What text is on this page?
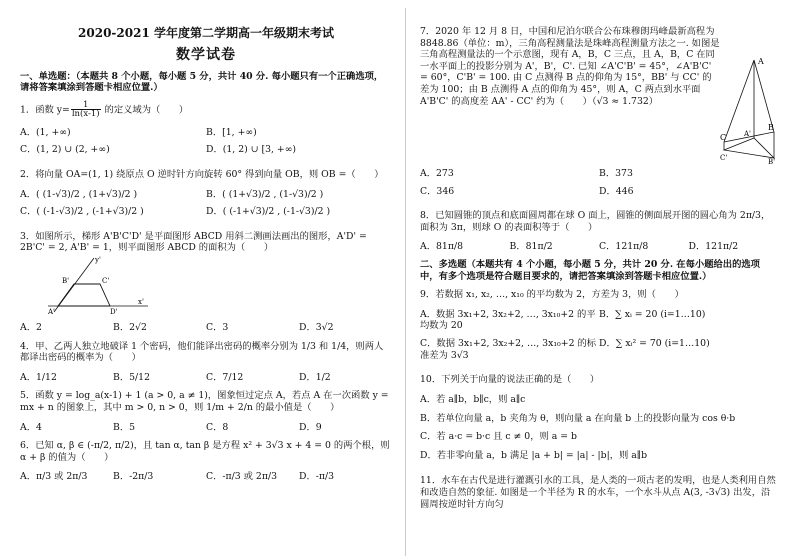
2020-2021 学年度第二学期高一年级期末考试
数学试卷
一、单选题：（本题共 8 个小题，每小题 5 分，共计 40 分. 每小题只有一个正确选项，请将答案填涂到答题卡相应位置.）
1．函数 $y= \frac{1}{\ln(x-1)}$ 的定义域为（　　）
A．(1, +∞)	B．[1, +∞)
C．(1, 2) ∪ (2, +∞)	D．(1, 2) ∪ [3, +∞)
2．将向量 OA=(1, 1) 绕原点 O 逆时针方向旋转 60° 得到向量 OB，则 OB =（　　）
A．( (1-√3)/2 , (1+√3)/2 )	B．( (1+√3)/2 , (1-√3)/2 )
C．( (-1-√3)/2 , (-1+√3)/2 )	D．( (-1+√3)/2 , (-1-√3)/2 )
3．如图所示，梯形 A'B'C'D' 是平面图形 ABCD 用斜二测画法画出的图形，A'D' = 2B'C' = 2, A'B' = 1，则平面图形 ABCD 的面积为（　　）
y'
x'
B'	C'
A'	D'
A．2	B．2√2	C．3	D．3√2
4．甲、乙两人独立地破译 1 个密码，他们能译出密码的概率分别为 1/3 和 1/4，则两人都译出密码的概率为（　　）
A．1/12	B．5/12	C．7/12	D．1/2
5．函数 y = log_a(x-1) + 1 (a > 0, a ≠ 1)，图象恒过定点 A，若点 A 在一次函数 y = mx + n 的图象上，其中 m > 0, n > 0，则 1/m + 2/n 的最小值是（　　）
A．4	B．5	C．8	D．9
6．已知 α, β ∈ (-π/2, π/2)，且 tan α, tan β 是方程 x² + 3√3 x + 4 = 0 的两个根，则 α + β 的值为（　　）
A．π/3 或 2π/3	B．-2π/3	C．-π/3 或 2π/3	D．-π/3
7．2020 年 12 月 8 日，中国和尼泊尔联合公布珠穆朗玛峰最新高程为 8848.86（单位：m），三角高程测量法是珠峰高程测量方法之一. 如图是三角高程测量法的一个示意图，现有 A，B，C 三点，且 A，B，C 在同一水平面上的投影分别为 A'，B'，C'. 已知 ∠A'C'B' = 45°，∠A'B'C' = 60°，C'B' = 100. 由 C 点测得 B 点的仰角为 15°，BB' 与 CC' 的差为 100；由 B 点测得 A 点的仰角为 45°，则 A，C 两点到水平面 A'B'C' 的高度差 AA' - CC' 约为（　　）（√3 ≈ 1.732）
A
B
C	A'
B'
C'
A．273	B．373
C．346	D．446
8．已知圆锥的顶点和底面圆周都在球 O 面上，圆锥的侧面展开图的圆心角为 2π/3，面积为 3π，则球 O 的表面积等于（　　）
A．81π/8	B．81π/2	C．121π/8	D．121π/2
二、多选题（本题共有 4 个小题，每小题 5 分，共计 20 分. 在每小题给出的选项中，有多个选项是符合题目要求的，请把答案填涂到答题卡相应位置.）
9．若数据 x₁, x₂, …, x₁₀ 的平均数为 2，方差为 3，则（　　）
A．数据 3x₁+2, 3x₂+2, …, 3x₁₀+2 的平均数为 20
B．∑ xᵢ = 20 (i=1…10)
C．数据 3x₁+2, 3x₂+2, …, 3x₁₀+2 的标准差为 3√3
D．∑ xᵢ² = 70 (i=1…10)
10．下列关于向量的说法正确的是（　　）
A．若 a∥b，b∥c，则 a∥c
B．若单位向量 a，b 夹角为 θ，则向量 a 在向量 b 上的投影向量为 cos θ·b
C．若 a·c = b·c 且 c ≠ 0，则 a = b
D．若非零向量 a，b 满足 |a + b| = |a| - |b|，则 a∥b
11．水车在古代是进行灌溉引水的工具，是人类的一项古老的发明，也是人类利用自然和改造自然的象征. 如图是一个半径为 R 的水车，一个水斗从点 A(3, -3√3) 出发，沿圆周按逆时针方向匀
